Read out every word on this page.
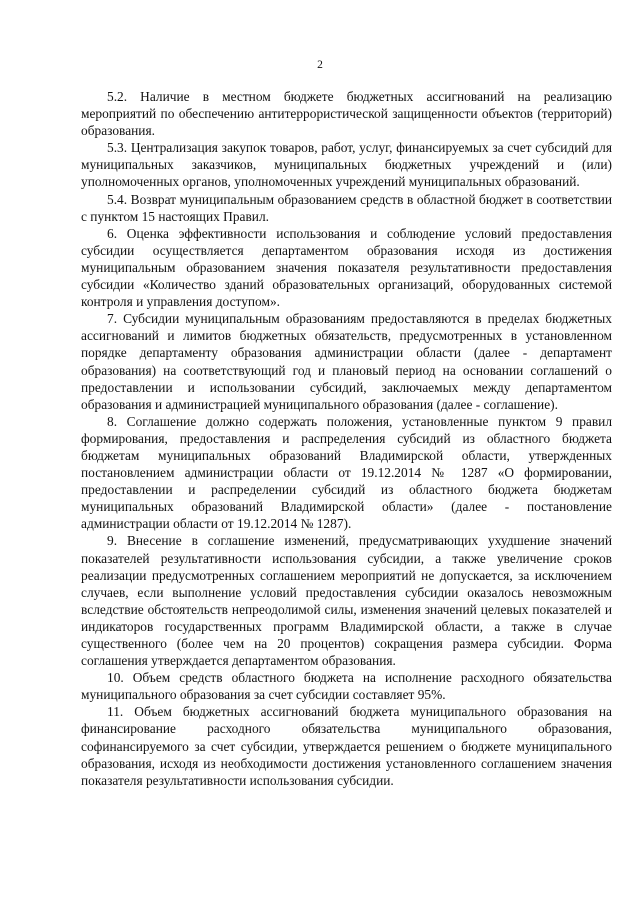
2

5.2. Наличие в местном бюджете бюджетных ассигнований на реализацию мероприятий по обеспечению антитеррористической защищенности объектов (территорий) образования.

5.3. Централизация закупок товаров, работ, услуг, финансируемых за счет субсидий для муниципальных заказчиков, муниципальных бюджетных учреждений и (или) уполномоченных органов, уполномоченных учреждений муниципальных образований.

5.4. Возврат муниципальным образованием средств в областной бюджет в соответствии с пунктом 15 настоящих Правил.

6. Оценка эффективности использования и соблюдение условий предоставления субсидии осуществляется департаментом образования исходя из достижения муниципальным образованием значения показателя результативности предоставления субсидии «Количество зданий образовательных организаций, оборудованных системой контроля и управления доступом».

7. Субсидии муниципальным образованиям предоставляются в пределах бюджетных ассигнований и лимитов бюджетных обязательств, предусмотренных в установленном порядке департаменту образования администрации области (далее - департамент образования) на соответствующий год и плановый период на основании соглашений о предоставлении и использовании субсидий, заключаемых между департаментом образования и администрацией муниципального образования (далее - соглашение).

8. Соглашение должно содержать положения, установленные пунктом 9 правил формирования, предоставления и распределения субсидий из областного бюджета бюджетам муниципальных образований Владимирской области, утвержденных постановлением администрации области от 19.12.2014 № 1287 «О формировании, предоставлении и распределении субсидий из областного бюджета бюджетам муниципальных образований Владимирской области» (далее - постановление администрации области от 19.12.2014 № 1287).

9. Внесение в соглашение изменений, предусматривающих ухудшение значений показателей результативности использования субсидии, а также увеличение сроков реализации предусмотренных соглашением мероприятий не допускается, за исключением случаев, если выполнение условий предоставления субсидии оказалось невозможным вследствие обстоятельств непреодолимой силы, изменения значений целевых показателей и индикаторов государственных программ Владимирской области, а также в случае существенного (более чем на 20 процентов) сокращения размера субсидии. Форма соглашения утверждается департаментом образования.

10. Объем средств областного бюджета на исполнение расходного обязательства муниципального образования за счет субсидии составляет 95%.

11. Объем бюджетных ассигнований бюджета муниципального образования на финансирование расходного обязательства муниципального образования, софинансируемого за счет субсидии, утверждается решением о бюджете муниципального образования, исходя из необходимости достижения установленного соглашением значения показателя результативности использования субсидии.
